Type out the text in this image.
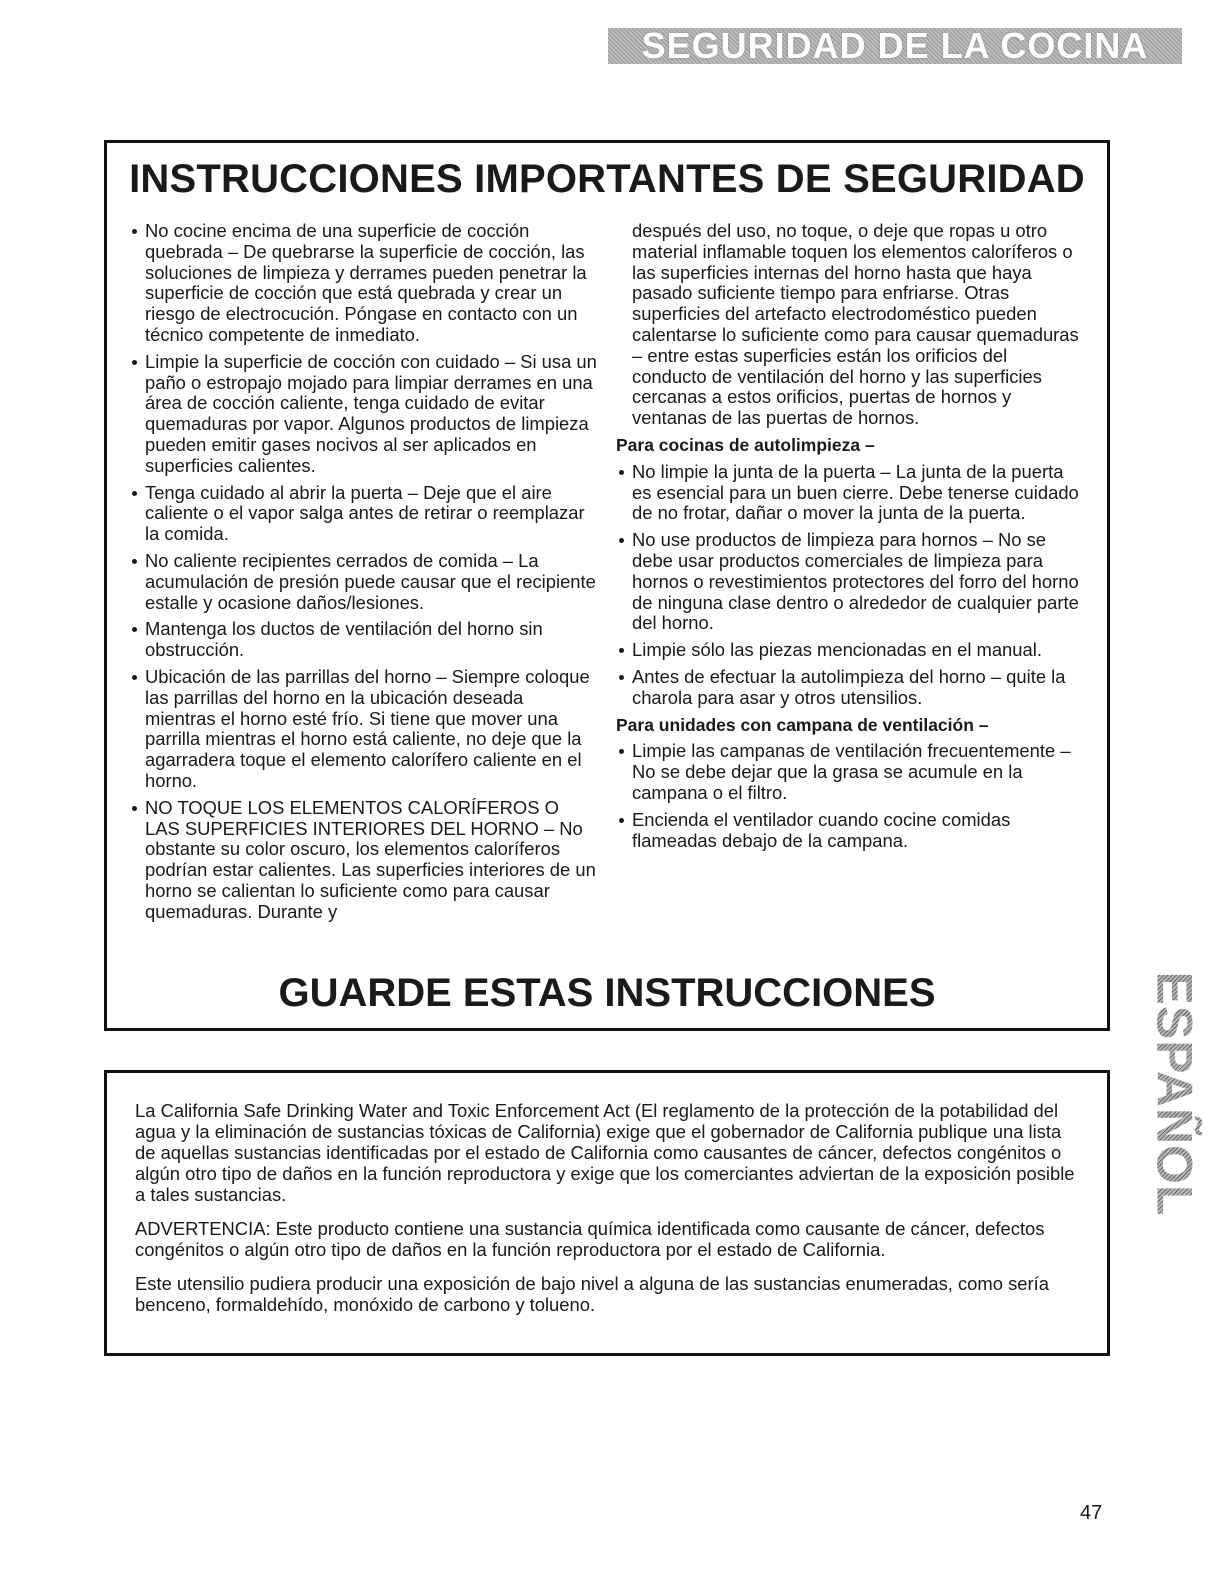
SEGURIDAD DE LA COCINA
INSTRUCCIONES IMPORTANTES DE SEGURIDAD
No cocine encima de una superficie de cocción quebrada – De quebrarse la superficie de cocción, las soluciones de limpieza y derrames pueden penetrar la superficie de cocción que está quebrada y crear un riesgo de electrocución. Póngase en contacto con un técnico competente de inmediato.
Limpie la superficie de cocción con cuidado – Si usa un paño o estropajo mojado para limpiar derrames en una área de cocción caliente, tenga cuidado de evitar quemaduras por vapor. Algunos productos de limpieza pueden emitir gases nocivos al ser aplicados en superficies calientes.
Tenga cuidado al abrir la puerta – Deje que el aire caliente o el vapor salga antes de retirar o reemplazar la comida.
No caliente recipientes cerrados de comida – La acumulación de presión puede causar que el recipiente estalle y ocasione daños/lesiones.
Mantenga los ductos de ventilación del horno sin obstrucción.
Ubicación de las parrillas del horno – Siempre coloque las parrillas del horno en la ubicación deseada mientras el horno esté frío. Si tiene que mover una parrilla mientras el horno está caliente, no deje que la agarradera toque el elemento calorífero caliente en el horno.
NO TOQUE LOS ELEMENTOS CALORÍFEROS O LAS SUPERFICIES INTERIORES DEL HORNO – No obstante su color oscuro, los elementos caloríferos podrían estar calientes. Las superficies interiores de un horno se calientan lo suficiente como para causar quemaduras. Durante y
después del uso, no toque, o deje que ropas u otro material inflamable toquen los elementos caloríferos o las superficies internas del horno hasta que haya pasado suficiente tiempo para enfriarse. Otras superficies del artefacto electrodoméstico pueden calentarse lo suficiente como para causar quemaduras – entre estas superficies están los orificios del conducto de ventilación del horno y las superficies cercanas a estos orificios, puertas de hornos y ventanas de las puertas de hornos.
Para cocinas de autolimpieza –
No limpie la junta de la puerta – La junta de la puerta es esencial para un buen cierre. Debe tenerse cuidado de no frotar, dañar o mover la junta de la puerta.
No use productos de limpieza para hornos – No se debe usar productos comerciales de limpieza para hornos o revestimientos protectores del forro del horno de ninguna clase dentro o alrededor de cualquier parte del horno.
Limpie sólo las piezas mencionadas en el manual.
Antes de efectuar la autolimpieza del horno – quite la charola para asar y otros utensilios.
Para unidades con campana de ventilación –
Limpie las campanas de ventilación frecuentemente – No se debe dejar que la grasa se acumule en la campana o el filtro.
Encienda el ventilador cuando cocine comidas flameadas debajo de la campana.
GUARDE ESTAS INSTRUCCIONES

La California Safe Drinking Water and Toxic Enforcement Act (El reglamento de la protección de la potabilidad del agua y la eliminación de sustancias tóxicas de California) exige que el gobernador de California publique una lista de aquellas sustancias identificadas por el estado de California como causantes de cáncer, defectos congénitos o algún otro tipo de daños en la función reproductora y exige que los comerciantes adviertan de la exposición posible a tales sustancias.

ADVERTENCIA: Este producto contiene una sustancia química identificada como causante de cáncer, defectos congénitos o algún otro tipo de daños en la función reproductora por el estado de California.

Este utensilio pudiera producir una exposición de bajo nivel a alguna de las sustancias enumeradas, como sería benceno, formaldehído, monóxido de carbono y tolueno.

ESPAÑOL
47
